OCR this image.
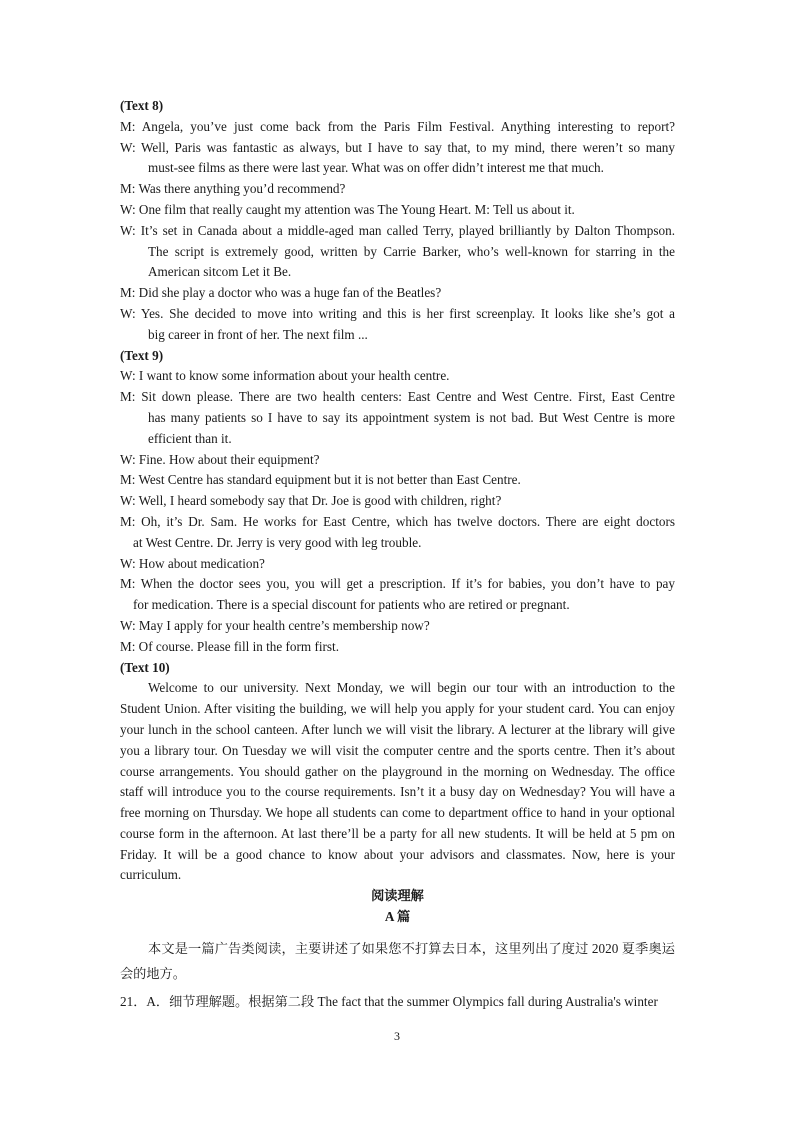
(Text 8)
M: Angela, you’ve just come back from the Paris Film Festival. Anything interesting to report?
W: Well, Paris was fantastic as always, but I have to say that, to my mind, there weren’t so many
must-see films as there were last year. What was on offer didn’t interest me that much.
M: Was there anything you’d recommend?
W: One film that really caught my attention was The Young Heart. M: Tell us about it.
W: It’s set in Canada about a middle-aged man called Terry, played brilliantly by Dalton Thompson.
The script is extremely good, written by Carrie Barker, who’s well-known for starring in the
American sitcom Let it Be.
M: Did she play a doctor who was a huge fan of the Beatles?
W: Yes. She decided to move into writing and this is her first screenplay. It looks like she’s got a
big career in front of her. The next film ...
(Text 9)
W: I want to know some information about your health centre.
M: Sit down please. There are two health centers: East Centre and West Centre. First, East Centre
has many patients so I have to say its appointment system is not bad. But West Centre is more
efficient than it.
W: Fine. How about their equipment?
M: West Centre has standard equipment but it is not better than East Centre.
W: Well, I heard somebody say that Dr. Joe is good with children, right?
M: Oh, it’s Dr. Sam. He works for East Centre, which has twelve doctors. There are eight doctors
at West Centre. Dr. Jerry is very good with leg trouble.
W: How about medication?
M: When the doctor sees you, you will get a prescription. If it’s for babies, you don’t have to pay
for medication. There is a special discount for patients who are retired or pregnant.
W: May I apply for your health centre’s membership now?
M: Of course. Please fill in the form first.
(Text 10)
Welcome to our university. Next Monday, we will begin our tour with an introduction to the Student Union. After visiting the building, we will help you apply for your student card. You can enjoy your lunch in the school canteen. After lunch we will visit the library. A lecturer at the library will give you a library tour. On Tuesday we will visit the computer centre and the sports centre. Then it’s about course arrangements. You should gather on the playground in the morning on Wednesday. The office staff will introduce you to the course requirements. Isn’t it a busy day on Wednesday? You will have a free morning on Thursday. We hope all students can come to department office to hand in your optional course form in the afternoon. At last there’ll be a party for all new students. It will be held at 5 pm on Friday. It will be a good chance to know about your advisors and classmates. Now, here is your curriculum.
阅读理解
A 篇
本文是一篇广告类阅读，主要讲述了如果您不打算去日本，这里列出了度过 2020 夏季奥运会的地方。
21．A．细节理解题。根据第二段 The fact that the summer Olympics fall during Australia's winter
3
